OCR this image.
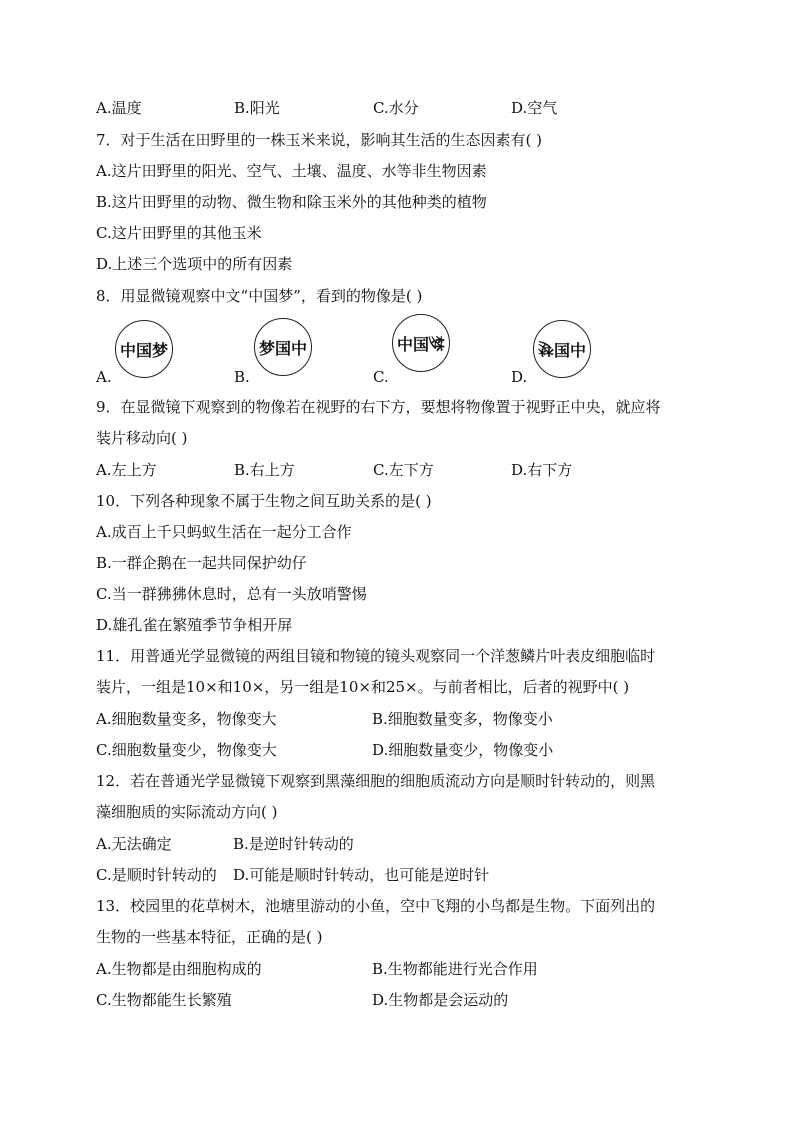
A.温度	B.阳光	C.水分	D.空气
7．对于生活在田野里的一株玉米来说，影响其生活的生态因素有( )
A.这片田野里的阳光、空气、土壤、温度、水等非生物因素
B.这片田野里的动物、微生物和除玉米外的其他种类的植物
C.这片田野里的其他玉米
D.上述三个选项中的所有因素
8．用显微镜观察中文“中国梦”，看到的物像是( )
中国梦
A.
梦国中
B.
中国梦
C.
梦国中
D.
9．在显微镜下观察到的物像若在视野的右下方，要想将物像置于视野正中央，就应将
装片移动向( )
A.左上方	B.右上方	C.左下方	D.右下方
10．下列各种现象不属于生物之间互助关系的是( )
A.成百上千只蚂蚁生活在一起分工合作
B.一群企鹅在一起共同保护幼仔
C.当一群狒狒休息时，总有一头放哨警惕
D.雄孔雀在繁殖季节争相开屏
11．用普通光学显微镜的两组目镜和物镜的镜头观察同一个洋葱鳞片叶表皮细胞临时
装片，一组是10×和10×，另一组是10×和25×。与前者相比，后者的视野中( )
A.细胞数量变多，物像变大	B.细胞数量变多，物像变小
C.细胞数量变少，物像变大	D.细胞数量变少，物像变小
12．若在普通光学显微镜下观察到黑藻细胞的细胞质流动方向是顺时针转动的，则黑
藻细胞质的实际流动方向( )
A.无法确定	B.是逆时针转动的
C.是顺时针转动的 D.可能是顺时针转动，也可能是逆时针
13．校园里的花草树木，池塘里游动的小鱼，空中飞翔的小鸟都是生物。下面列出的
生物的一些基本特征，正确的是( )
A.生物都是由细胞构成的	B.生物都能进行光合作用
C.生物都能生长繁殖	D.生物都是会运动的
